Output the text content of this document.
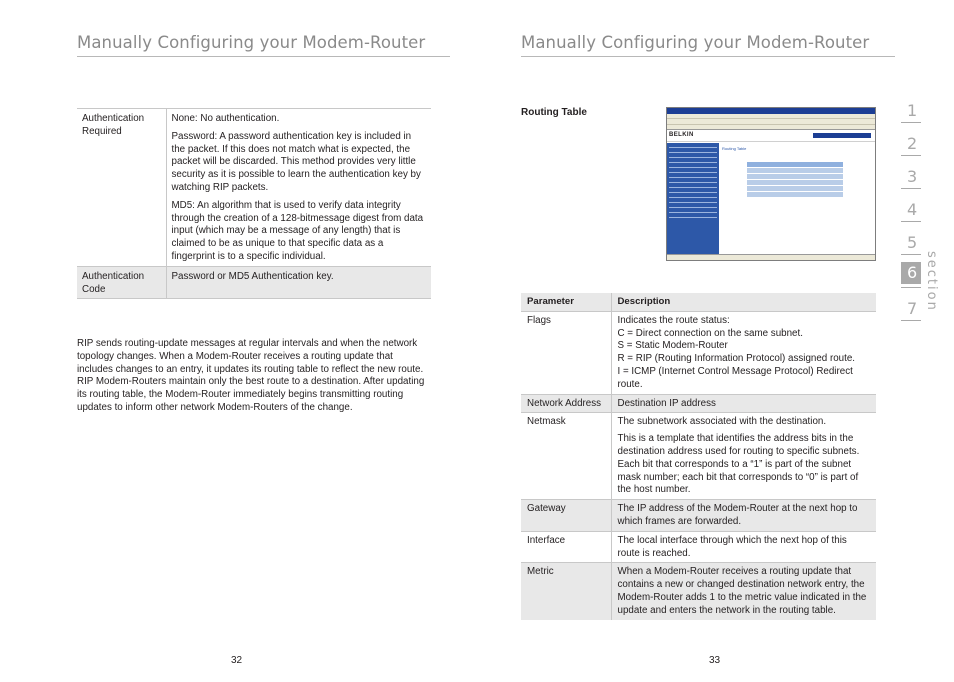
Manually Configuring your Modem-Router
Authentication Required	None: No authentication.
Password: A password authentication key is included in the packet. If this does not match what is expected, the packet will be discarded. This method provides very little security as it is possible to learn the authentication key by watching RIP packets.
MD5: An algorithm that is used to verify data integrity through the creation of a 128-bitmessage digest from data input (which may be a message of any length) that is claimed to be as unique to that specific data as a fingerprint is to a specific individual.

Authentication Code	Password or MD5 Authentication key.
RIP sends routing-update messages at regular intervals and when the network topology changes. When a Modem-Router receives a routing update that includes changes to an entry, it updates its routing table to reflect the new route. RIP Modem-Routers maintain only the best route to a destination. After updating its routing table, the Modem-Router immediately begins transmitting routing updates to inform other network Modem-Routers of the change.
32
Manually Configuring your Modem-Router
Routing Table
BELKIN
Routing Table
Parameter	Description
Flags	Indicates the route status:
C = Direct connection on the same subnet.
S = Static Modem-Router
R = RIP (Routing Information Protocol) assigned route.
I = ICMP (Internet Control Message Protocol) Redirect route.

Network Address	Destination IP address

Netmask	The subnetwork associated with the destination.
This is a template that identifies the address bits in the destination address used for routing to specific subnets. Each bit that corresponds to a “1” is part of the subnet mask number; each bit that corresponds to “0” is part of the host number.

Gateway	The IP address of the Modem-Router at the next hop to which frames are forwarded.

Interface	The local interface through which the next hop of this route is reached.

Metric	When a Modem-Router receives a routing update that contains a new or changed destination network entry, the Modem-Router adds 1 to the metric value indicated in the update and enters the network in the routing table.
33
1
2
3
4
5
6
7 section
